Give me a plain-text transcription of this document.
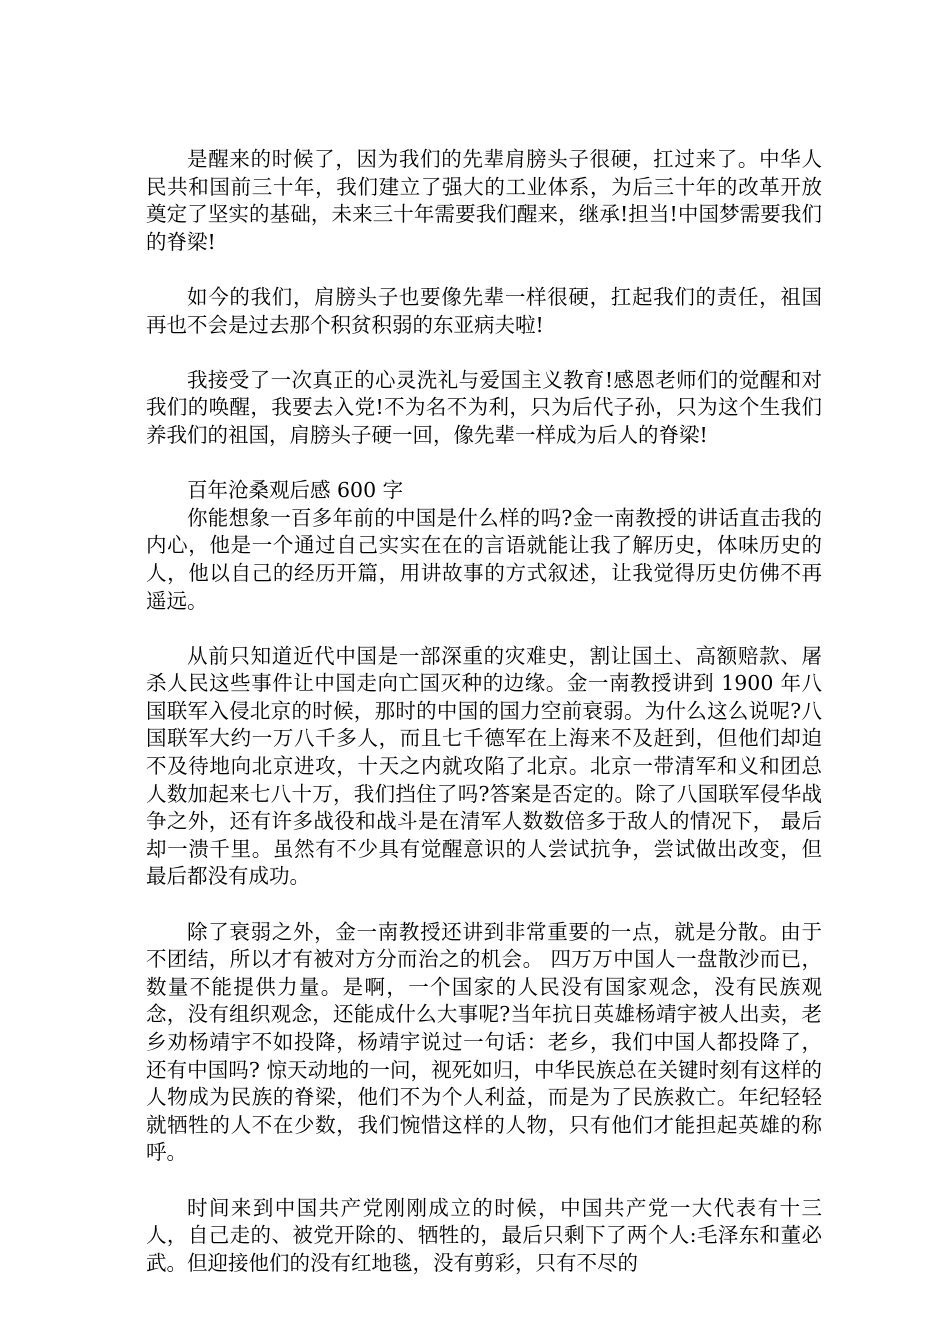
是醒来的时候了，因为我们的先辈肩膀头子很硬，扛过来了。中华人民共和国前三十年，我们建立了强大的工业体系，为后三十年的改革开放奠定了坚实的基础，未来三十年需要我们醒来，继承!担当!中国梦需要我们的脊梁!

如今的我们，肩膀头子也要像先辈一样很硬，扛起我们的责任，祖国再也不会是过去那个积贫积弱的东亚病夫啦!

我接受了一次真正的心灵洗礼与爱国主义教育!感恩老师们的觉醒和对我们的唤醒，我要去入党!不为名不为利，只为后代子孙，只为这个生我们养我们的祖国，肩膀头子硬一回，像先辈一样成为后人的脊梁!

百年沧桑观后感 600 字

你能想象一百多年前的中国是什么样的吗?金一南教授的讲话直击我的内心，他是一个通过自己实实在在的言语就能让我了解历史，体味历史的人，他以自己的经历开篇，用讲故事的方式叙述，让我觉得历史仿佛不再遥远。

从前只知道近代中国是一部深重的灾难史，割让国土、高额赔款、屠杀人民这些事件让中国走向亡国灭种的边缘。金一南教授讲到 1900 年八国联军入侵北京的时候，那时的中国的国力空前衰弱。为什么这么说呢?八国联军大约一万八千多人，而且七千德军在上海来不及赶到，但他们却迫不及待地向北京进攻，十天之内就攻陷了北京。北京一带清军和义和团总人数加起来七八十万，我们挡住了吗?答案是否定的。除了八国联军侵华战争之外，还有许多战役和战斗是在清军人数数倍多于敌人的情况下， 最后却一溃千里。虽然有不少具有觉醒意识的人尝试抗争，尝试做出改变，但最后都没有成功。

除了衰弱之外，金一南教授还讲到非常重要的一点，就是分散。由于不团结，所以才有被对方分而治之的机会。 四万万中国人一盘散沙而已，数量不能提供力量。是啊，一个国家的人民没有国家观念，没有民族观念，没有组织观念，还能成什么大事呢?当年抗日英雄杨靖宇被人出卖，老乡劝杨靖宇不如投降，杨靖宇说过一句话：老乡，我们中国人都投降了，还有中国吗? 惊天动地的一问，视死如归，中华民族总在关键时刻有这样的人物成为民族的脊梁，他们不为个人利益，而是为了民族救亡。年纪轻轻就牺牲的人不在少数，我们惋惜这样的人物，只有他们才能担起英雄的称呼。

时间来到中国共产党刚刚成立的时候，中国共产党一大代表有十三人，自己走的、被党开除的、牺牲的，最后只剩下了两个人:毛泽东和董必武。但迎接他们的没有红地毯，没有剪彩，只有不尽的
